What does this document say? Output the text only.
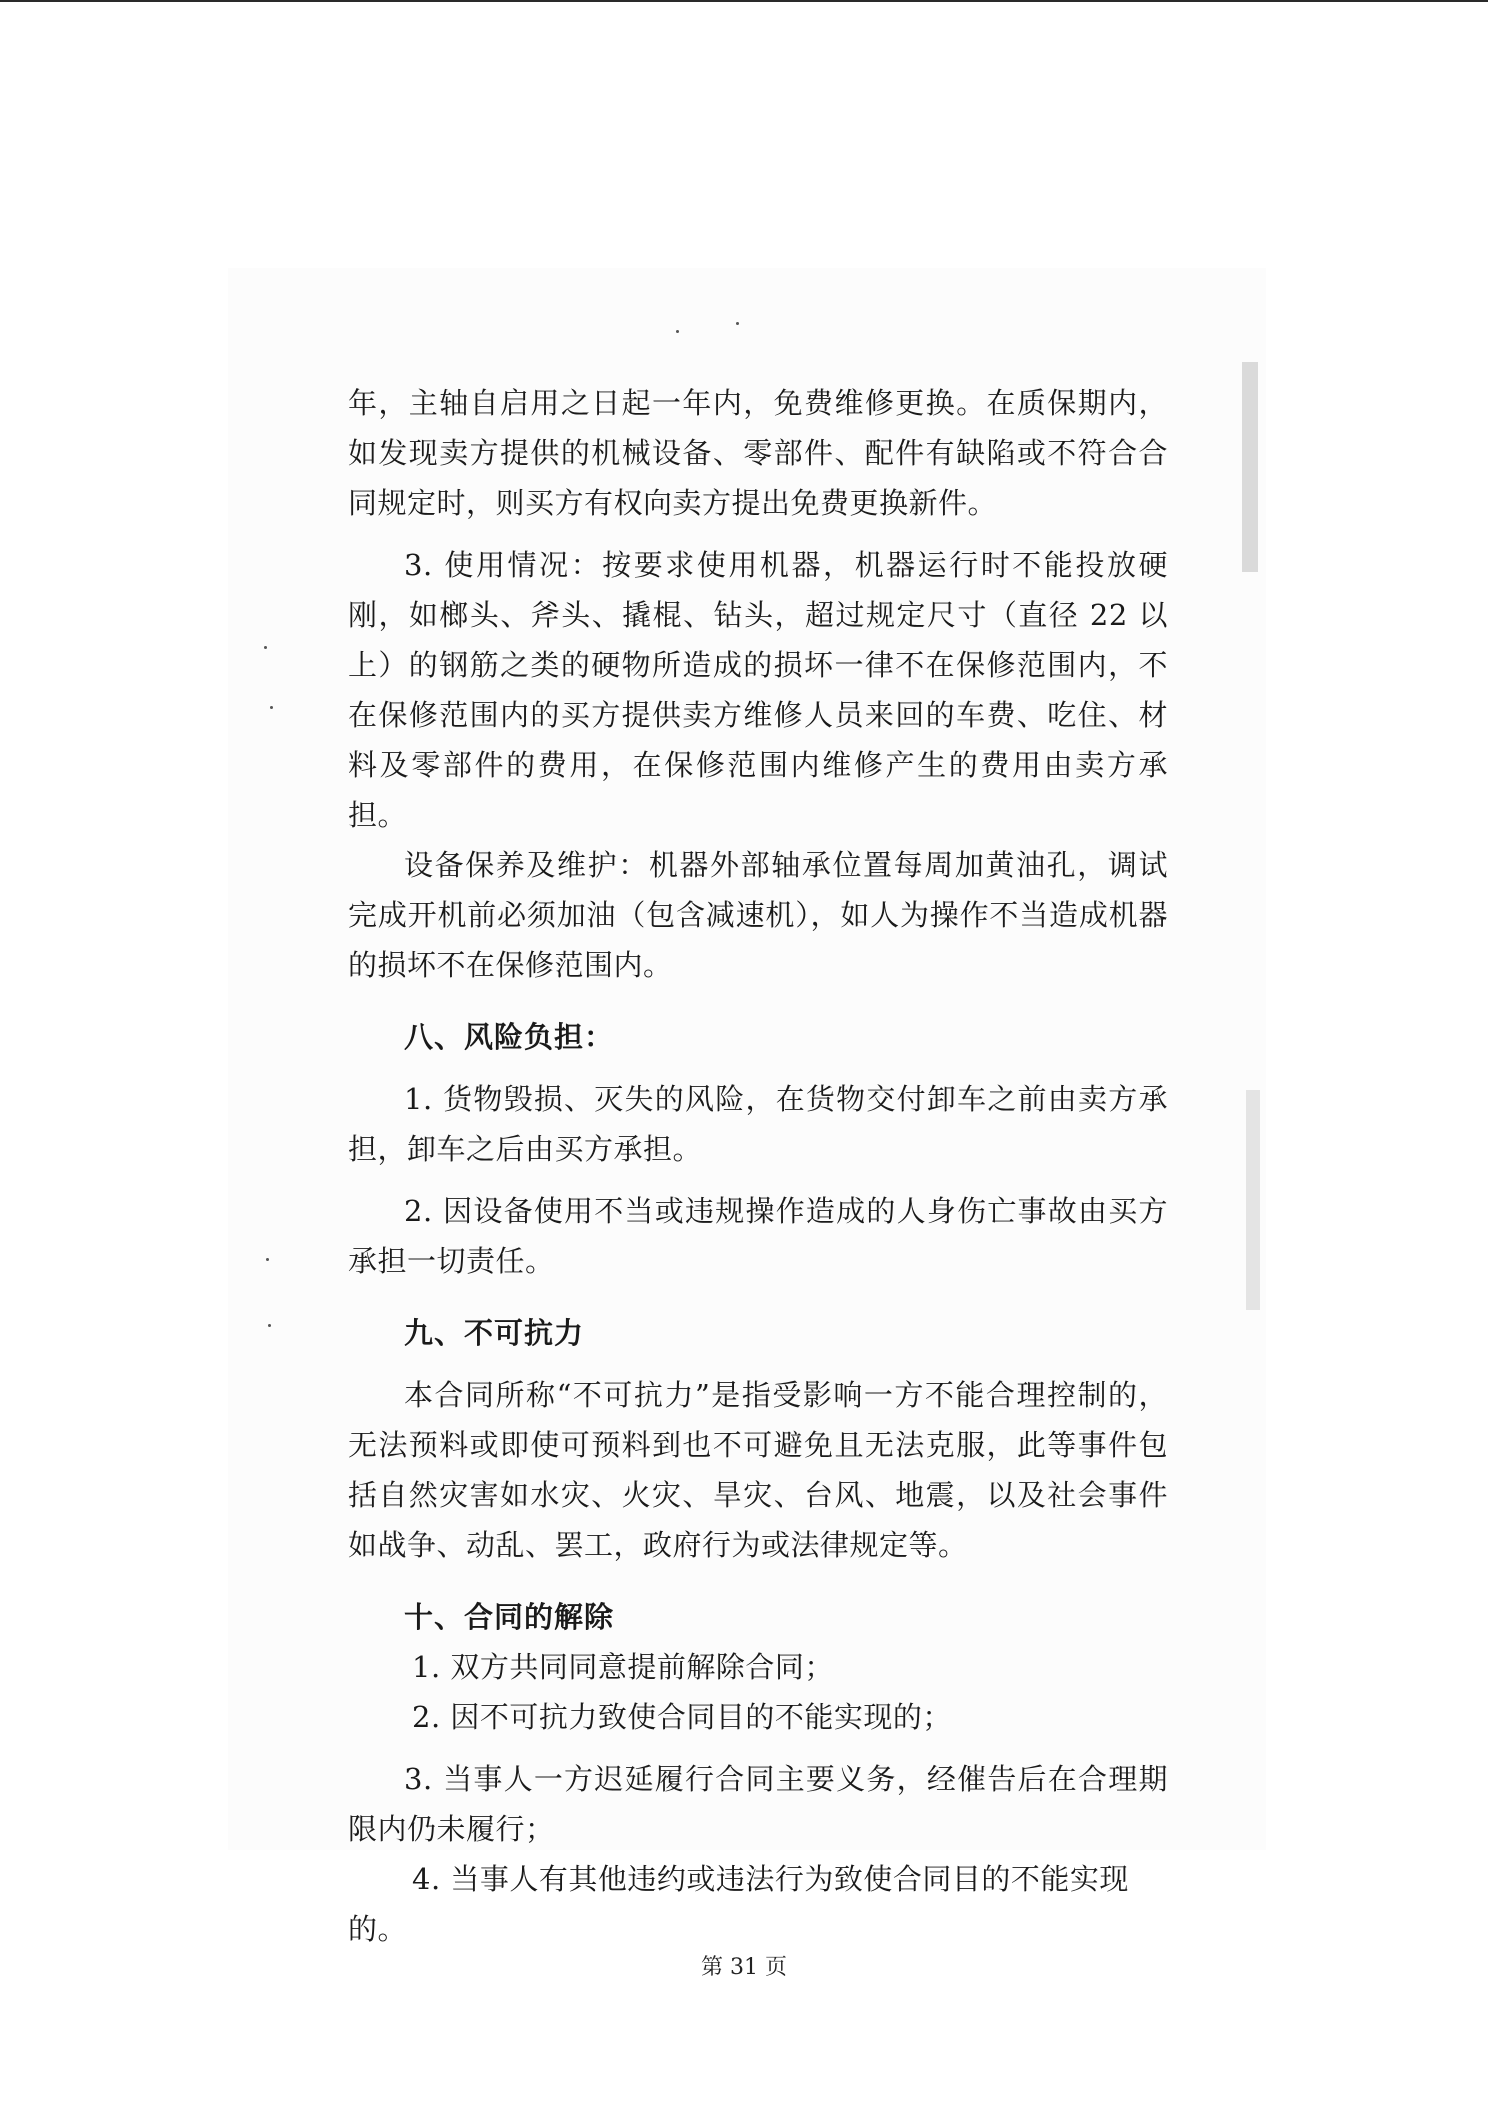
年，主轴自启用之日起一年内，免费维修更换。在质保期内，如发现卖方提供的机械设备、零部件、配件有缺陷或不符合合同规定时，则买方有权向卖方提出免费更换新件。

3. 使用情况：按要求使用机器，机器运行时不能投放硬刚，如榔头、斧头、撬棍、钻头，超过规定尺寸（直径 22 以上）的钢筋之类的硬物所造成的损坏一律不在保修范围内，不在保修范围内的买方提供卖方维修人员来回的车费、吃住、材料及零部件的费用，在保修范围内维修产生的费用由卖方承担。

设备保养及维护：机器外部轴承位置每周加黄油孔，调试完成开机前必须加油（包含减速机），如人为操作不当造成机器的损坏不在保修范围内。

八、风险负担：

1. 货物毁损、灭失的风险，在货物交付卸车之前由卖方承担，卸车之后由买方承担。

2. 因设备使用不当或违规操作造成的人身伤亡事故由买方承担一切责任。

九、不可抗力

本合同所称“不可抗力”是指受影响一方不能合理控制的，无法预料或即使可预料到也不可避免且无法克服，此等事件包括自然灾害如水灾、火灾、旱灾、台风、地震，以及社会事件如战争、动乱、罢工，政府行为或法律规定等。

十、合同的解除

1. 双方共同同意提前解除合同；

2. 因不可抗力致使合同目的不能实现的；

3. 当事人一方迟延履行合同主要义务，经催告后在合理期限内仍未履行；

4. 当事人有其他违约或违法行为致使合同目的不能实现的。

第 31 页
